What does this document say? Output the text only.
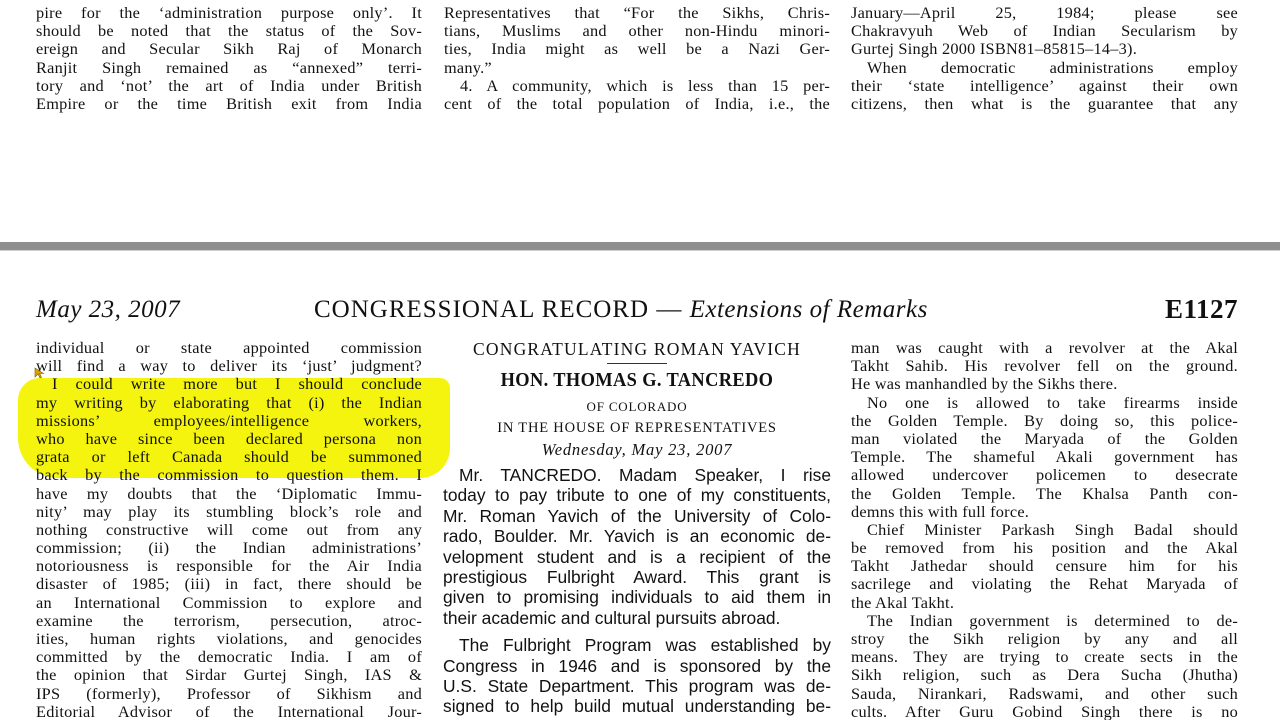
pire for the ‘administration purpose only’. It
should be noted that the status of the Sov-
ereign and Secular Sikh Raj of Monarch
Ranjit Singh remained as “annexed” terri-
tory and ‘not’ the art of India under British
Empire or the time British exit from India
Representatives that “For the Sikhs, Chris-
tians, Muslims and other non-Hindu minori-
ties, India might as well be a Nazi Ger-
many.”
4. A community, which is less than 15 per-
cent of the total population of India, i.e., the
January—April 25, 1984; please see
Chakravyuh Web of Indian Secularism by
Gurtej Singh 2000 ISBN81–85815–14–3).
When democratic administrations employ
their ‘state intelligence’ against their own
citizens, then what is the guarantee that any
May 23, 2007	CONGRESSIONAL RECORD — Extensions of Remarks	E1127
individual or state appointed commission
will find a way to deliver its ‘just’ judgment?
I could write more but I should conclude
my writing by elaborating that (i) the Indian
missions’ employees/intelligence workers,
who have since been declared persona non
grata or left Canada should be summoned
back by the commission to question them. I
have my doubts that the ‘Diplomatic Immu-
nity’ may play its stumbling block’s role and
nothing constructive will come out from any
commission; (ii) the Indian administrations’
notoriousness is responsible for the Air India
disaster of 1985; (iii) in fact, there should be
an International Commission to explore and
examine the terrorism, persecution, atroc-
ities, human rights violations, and genocides
committed by the democratic India. I am of
the opinion that Sirdar Gurtej Singh, IAS &
IPS (formerly), Professor of Sikhism and
Editorial Advisor of the International Jour-
CONGRATULATING ROMAN YAVICH
HON. THOMAS G. TANCREDO
OF COLORADO
IN THE HOUSE OF REPRESENTATIVES
Wednesday, May 23, 2007
Mr. TANCREDO. Madam Speaker, I rise
today to pay tribute to one of my constituents,
Mr. Roman Yavich of the University of Colo-
rado, Boulder. Mr. Yavich is an economic de-
velopment student and is a recipient of the
prestigious Fulbright Award. This grant is
given to promising individuals to aid them in
their academic and cultural pursuits abroad.
The Fulbright Program was established by
Congress in 1946 and is sponsored by the
U.S. State Department. This program was de-
signed to help build mutual understanding be-
man was caught with a revolver at the Akal
Takht Sahib. His revolver fell on the ground.
He was manhandled by the Sikhs there.
No one is allowed to take firearms inside
the Golden Temple. By doing so, this police-
man violated the Maryada of the Golden
Temple. The shameful Akali government has
allowed undercover policemen to desecrate
the Golden Temple. The Khalsa Panth con-
demns this with full force.
Chief Minister Parkash Singh Badal should
be removed from his position and the Akal
Takht Jathedar should censure him for his
sacrilege and violating the Rehat Maryada of
the Akal Takht.
The Indian government is determined to de-
stroy the Sikh religion by any and all
means. They are trying to create sects in the
Sikh religion, such as Dera Sucha (Jhutha)
Sauda, Nirankari, Radswami, and other such
cults. After Guru Gobind Singh there is no
